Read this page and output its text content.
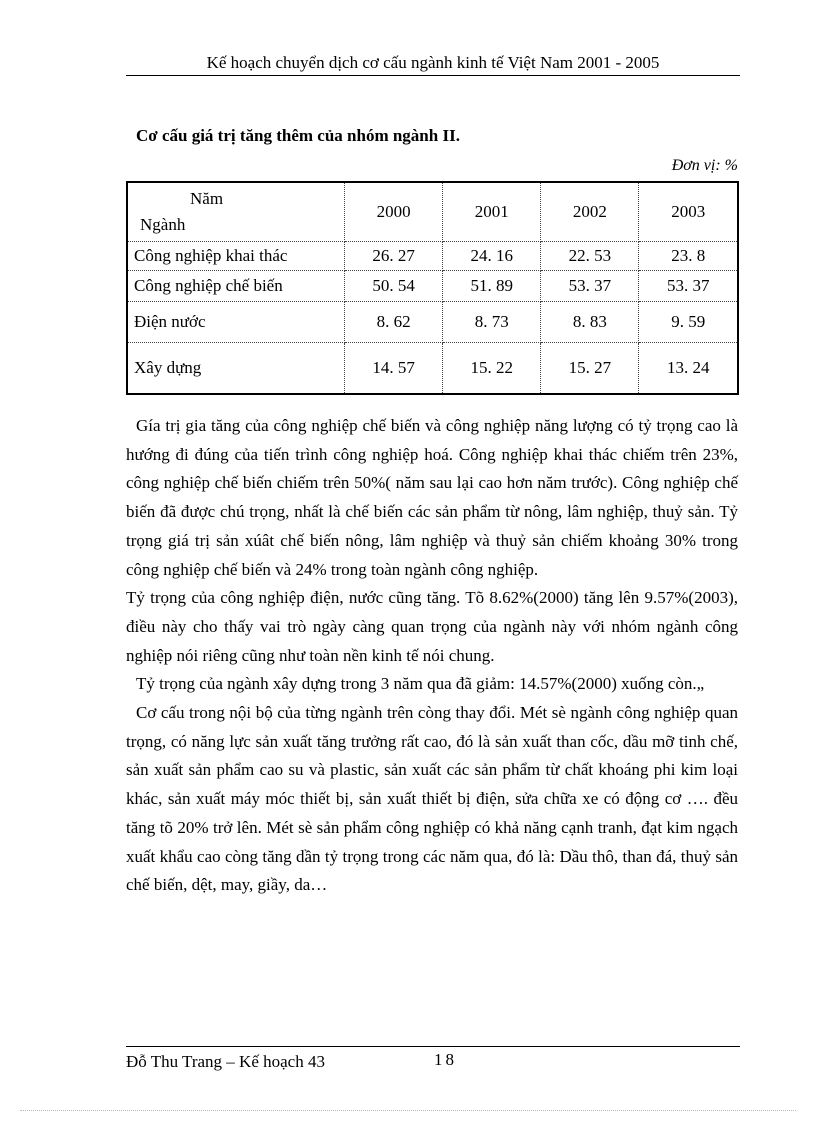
Kế hoạch chuyển dịch cơ cấu ngành kinh tế Việt Nam 2001 - 2005
Cơ cấu giá trị tăng thêm của nhóm ngành II.
Đơn vị: %
Năm
Ngành	2000	2001	2002	2003
Công nghiệp khai thác	26. 27	24. 16	22. 53	23. 8
Công nghiệp chế biến	50. 54	51. 89	53. 37	53. 37
Điện nước	8. 62	8. 73	8. 83	9. 59
Xây dựng	14. 57	15. 22	15. 27	13. 24

Gía trị gia tăng của công nghiệp chế biến và công nghiệp năng lượng có tỷ trọng cao là hướng đi đúng của tiến trình công nghiệp hoá. Công nghiệp khai thác chiếm trên 23%, công nghiệp chế biến chiếm trên 50%( năm sau lại cao hơn năm trước). Công nghiệp chế biến đã được chú trọng, nhất là chế biến các sản phẩm từ nông, lâm nghiệp, thuỷ sản. Tỷ trọng giá trị sản xúât chế biến nông, lâm nghiệp và thuỷ sản chiếm khoảng 30% trong công nghiệp chế biến và 24% trong toàn ngành công nghiệp.

Tỷ trọng của công nghiệp điện, nước cũng tăng. Tõ 8.62%(2000) tăng lên 9.57%(2003), điều này cho thấy vai trò ngày càng quan trọng của ngành này với nhóm ngành công nghiệp nói riêng cũng như toàn nền kinh tế nói chung.

Tỷ trọng của ngành xây dựng trong 3 năm qua đã giảm: 14.57%(2000) xuống còn.„

Cơ cấu trong nội bộ của từng ngành trên còng thay đổi. Mét sè ngành công nghiệp quan trọng, có năng lực sản xuất tăng trưởng rất cao, đó là sản xuất than cốc, dầu mỡ tinh chế, sản xuất sản phẩm cao su và plastic, sản xuất các sản phẩm từ chất khoáng phi kim loại khác, sản xuất máy móc thiết bị, sản xuất thiết bị điện, sửa chữa xe có động cơ …. đều tăng tõ 20% trở lên. Mét sè sản phẩm công nghiệp có khả năng cạnh tranh, đạt kim ngạch xuất khẩu cao còng tăng dần tỷ trọng trong các năm qua, đó là: Dầu thô, than đá, thuỷ sản chế biến, dệt, may, giầy, da…

Đỗ Thu Trang – Kế hoạch 43	18
